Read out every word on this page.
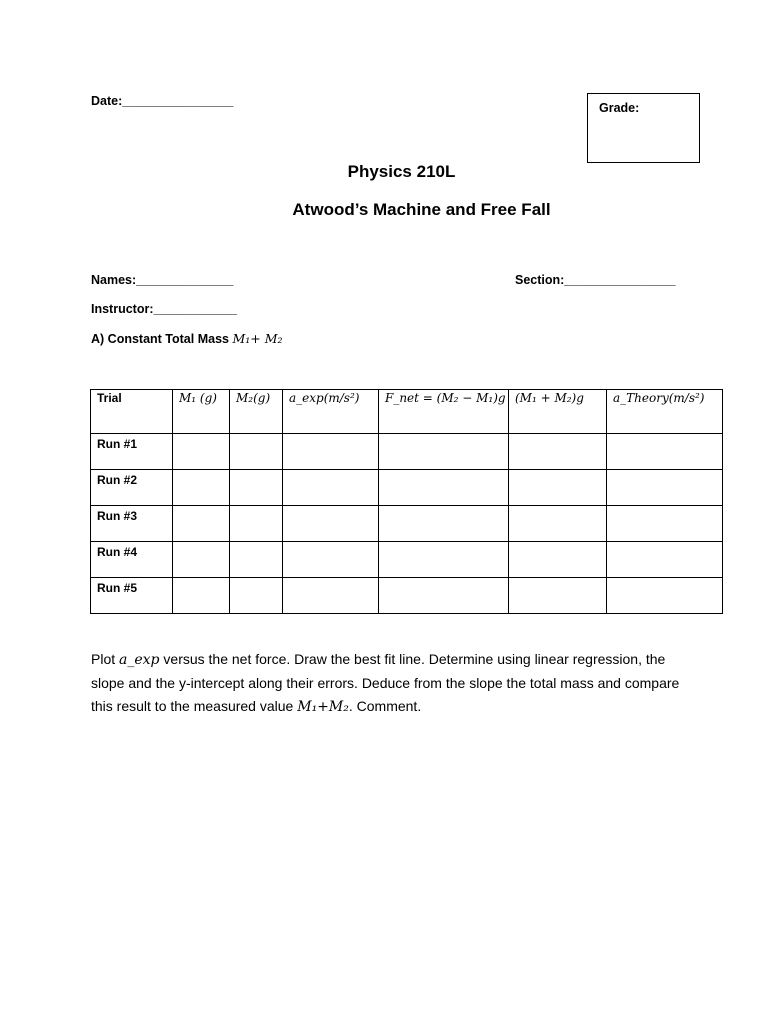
Date:________________	Grade:
Physics 210L
Atwood’s Machine and Free Fall
Names:______________	Section:________________
Instructor:____________
A) Constant Total Mass M₁+ M₂
Trial	M₁ (g)	M₂(g)	a_exp(m/s²)	F_net = (M₂ − M₁)g	(M₁ + M₂)g	a_Theory(m/s²)

Run #1						

Run #2						

Run #3						

Run #4						

Run #5						

Plot a_exp versus the net force. Draw the best fit line. Determine using linear regression, the slope and the y-intercept along their errors. Deduce from the slope the total mass and compare this result to the measured value M₁+M₂. Comment.
